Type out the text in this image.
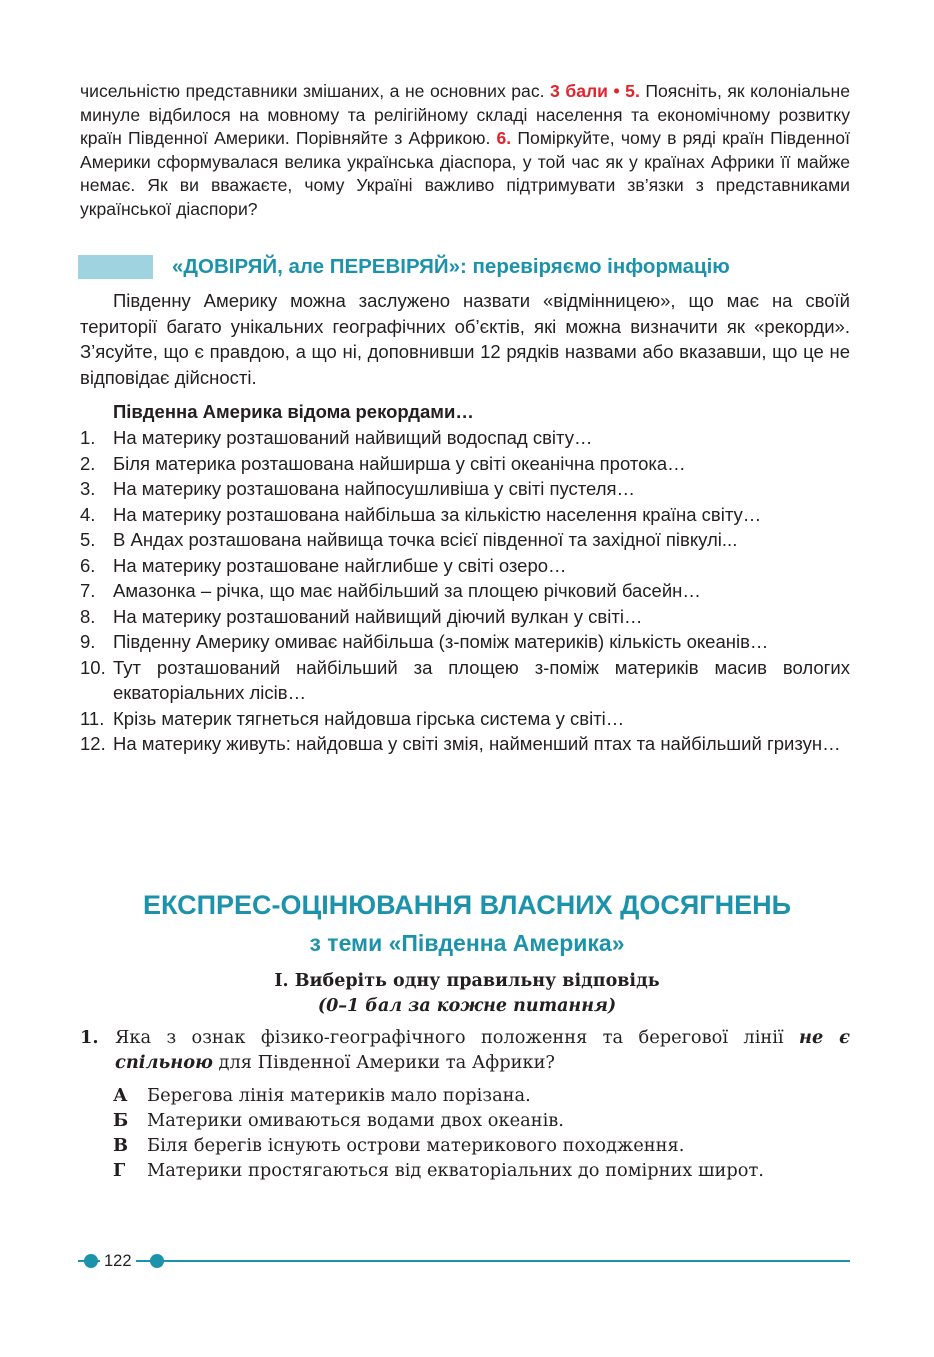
чисельністю представники змішаних, а не основних рас. 3 бали • 5. Поясніть, як колоніальне минуле відбилося на мовному та релігійному складі населення та економічному розвитку країн Південної Америки. Порівняйте з Африкою. 6. Поміркуйте, чому в ряді країн Південної Америки сформувалася велика українська діаспора, у той час як у країнах Африки її майже немає. Як ви вважаєте, чому Україні важливо підтримувати зв’язки з представниками української діаспори?
«ДОВІРЯЙ, але ПЕРЕВІРЯЙ»: перевіряємо інформацію
Південну Америку можна заслужено назвати «відмінницею», що має на своїй території багато унікальних географічних об’єктів, які можна визначити як «рекорди». З’ясуйте, що є правдою, а що ні, доповнивши 12 рядків назвами або вказавши, що це не відповідає дійсності.
Південна Америка відома рекордами…
1. На материку розташований найвищий водоспад світу…
2. Біля материка розташована найширша у світі океанічна протока…
3. На материку розташована найпосушливіша у світі пустеля…
4. На материку розташована найбільша за кількістю населення країна світу…
5. В Андах розташована найвища точка всієї південної та західної півкулі...
6. На материку розташоване найглибше у світі озеро…
7. Амазонка – річка, що має найбільший за площею річковий басейн…
8. На материку розташований найвищий діючий вулкан у світі…
9. Південну Америку омиває найбільша (з-поміж материків) кількість океанів…
10. Тут розташований найбільший за площею з-поміж материків масив вологих екваторіальних лісів…
11. Крізь материк тягнеться найдовша гірська система у світі…
12. На материку живуть: найдовша у світі змія, найменший птах та найбільший гризун…
ЕКСПРЕС-ОЦІНЮВАННЯ ВЛАСНИХ ДОСЯГНЕНЬ
з теми «Південна Америка»
І. Виберіть одну правильну відповідь
(0–1 бал за кожне питання)
1. Яка з ознак фізико-географічного положення та берегової лінії не є спільною для Південної Америки та Африки?
А Берегова лінія материків мало порізана.
Б Материки омиваються водами двох океанів.
В Біля берегів існують острови материкового походження.
Г Материки простягаються від екваторіальних до помірних широт.
122
